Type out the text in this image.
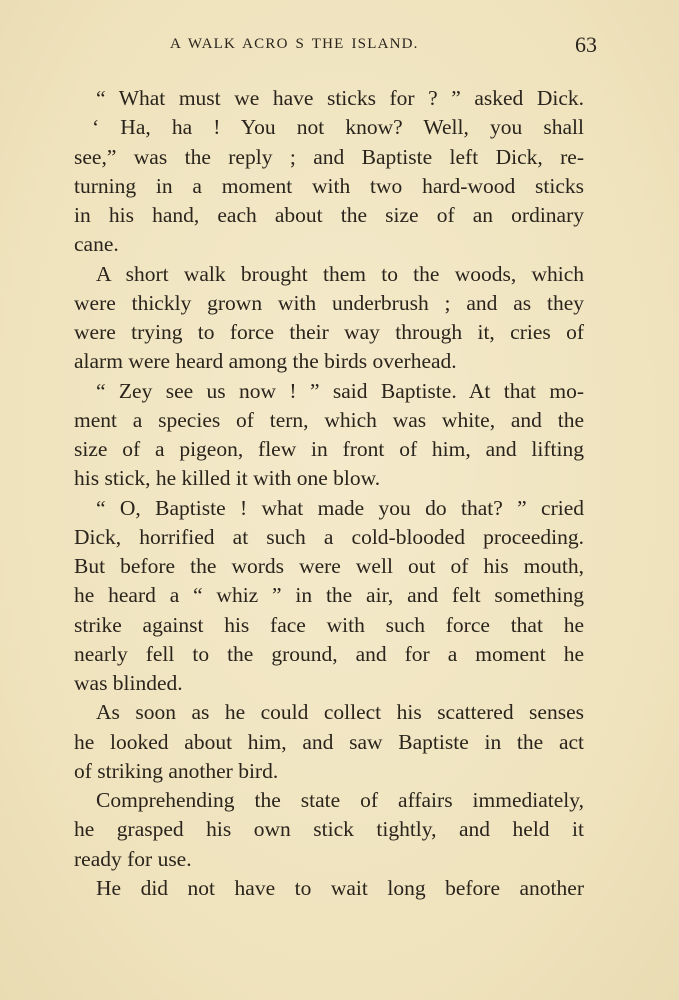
A WALK ACRO S THE ISLAND.	63
“ What must we have sticks for ? ” asked Dick.
‘ Ha, ha ! You not know? Well, you shall
see,” was the reply ; and Baptiste left Dick, re-
turning in a moment with two hard-wood sticks
in his hand, each about the size of an ordinary
cane.
A short walk brought them to the woods, which
were thickly grown with underbrush ; and as they
were trying to force their way through it, cries of
alarm were heard among the birds overhead.
“ Zey see us now ! ” said Baptiste. At that mo-
ment a species of tern, which was white, and the
size of a pigeon, flew in front of him, and lifting
his stick, he killed it with one blow.
“ O, Baptiste ! what made you do that? ” cried
Dick, horrified at such a cold-blooded proceeding.
But before the words were well out of his mouth,
he heard a “ whiz ” in the air, and felt something
strike against his face with such force that he
nearly fell to the ground, and for a moment he
was blinded.
As soon as he could collect his scattered senses
he looked about him, and saw Baptiste in the act
of striking another bird.
Comprehending the state of affairs immediately,
he grasped his own stick tightly, and held it
ready for use.
He did not have to wait long before another
